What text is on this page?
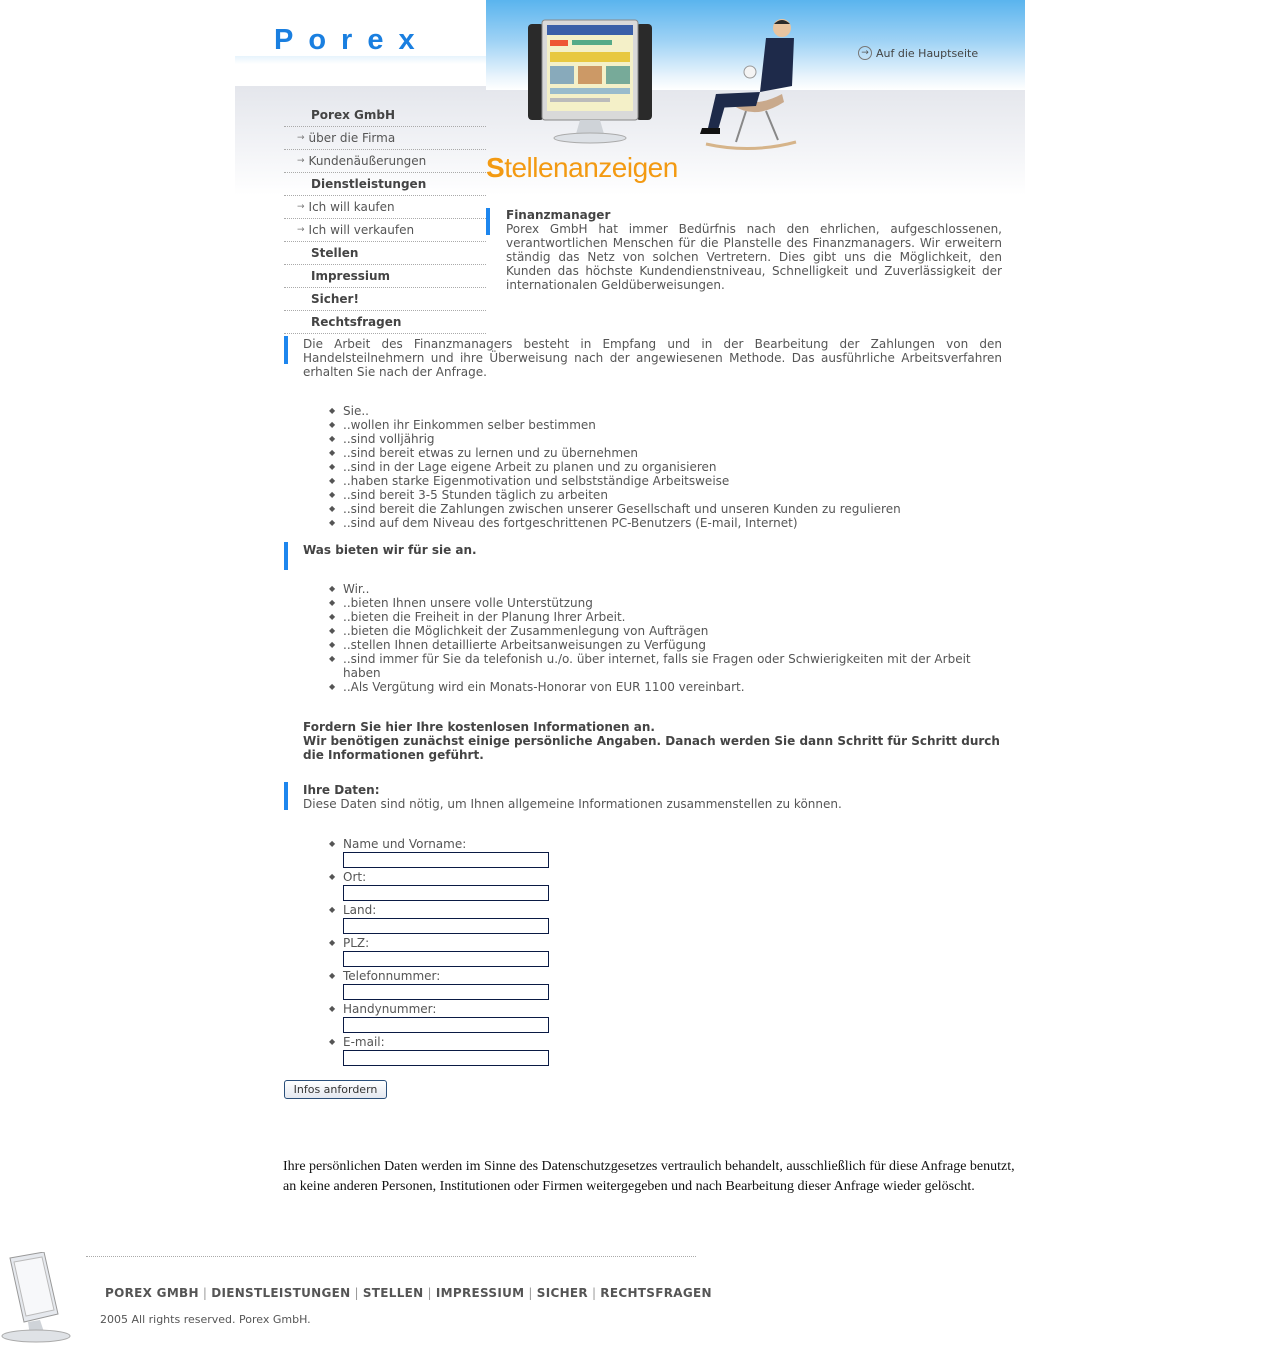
Porex	→ Auf die Hauptseite
Porex GmbH
→ über die Firma
→ Kundenäußerungen
Dienstleistungen
→ Ich will kaufen
→ Ich will verkaufen
Stellen
Impressium
Sicher!
Rechtsfragen
Stellenanzeigen
Finanzmanager
Porex GmbH hat immer Bedürfnis nach den ehrlichen, aufgeschlossenen, verantwortlichen Menschen für die Planstelle des Finanzmanagers. Wir erweitern ständig das Netz von solchen Vertretern. Dies gibt uns die Möglichkeit, den Kunden das höchste Kundendienstniveau, Schnelligkeit und Zuverlässigkeit der internationalen Geldüberweisungen.
Die Arbeit des Finanzmanagers besteht in Empfang und in der Bearbeitung der Zahlungen von den Handelsteilnehmern und ihre Überweisung nach der angewiesenen Methode. Das ausführliche Arbeitsverfahren erhalten Sie nach der Anfrage.
◆ Sie..
◆ ..wollen ihr Einkommen selber bestimmen
◆ ..sind volljährig
◆ ..sind bereit etwas zu lernen und zu übernehmen
◆ ..sind in der Lage eigene Arbeit zu planen und zu organisieren
◆ ..haben starke Eigenmotivation und selbstständige Arbeitsweise
◆ ..sind bereit 3-5 Stunden täglich zu arbeiten
◆ ..sind bereit die Zahlungen zwischen unserer Gesellschaft und unseren Kunden zu regulieren
◆ ..sind auf dem Niveau des fortgeschrittenen PC-Benutzers (E-mail, Internet)
Was bieten wir für sie an.
◆ Wir..
◆ ..bieten Ihnen unsere volle Unterstützung
◆ ..bieten die Freiheit in der Planung Ihrer Arbeit.
◆ ..bieten die Möglichkeit der Zusammenlegung von Aufträgen
◆ ..stellen Ihnen detaillierte Arbeitsanweisungen zu Verfügung
◆ ..sind immer für Sie da telefonish u./o. über internet, falls sie Fragen oder Schwierigkeiten mit der Arbeit haben
◆ ..Als Vergütung wird ein Monats-Honorar von EUR 1100 vereinbart.
Fordern Sie hier Ihre kostenlosen Informationen an.
Wir benötigen zunächst einige persönliche Angaben. Danach werden Sie dann Schritt für Schritt durch die Informationen geführt.
Ihre Daten:
Diese Daten sind nötig, um Ihnen allgemeine Informationen zusammenstellen zu können.
◆ Name und Vorname:
◆ Ort:
◆ Land:
◆ PLZ:
◆ Telefonnummer:
◆ Handynummer:
◆ E-mail:
Infos anfordern
Ihre persönlichen Daten werden im Sinne des Datenschutzgesetzes vertraulich behandelt, ausschließlich für diese Anfrage benutzt, an keine anderen Personen, Institutionen oder Firmen weitergegeben und nach Bearbeitung dieser Anfrage wieder gelöscht.
POREX GMBH | DIENSTLEISTUNGEN | STELLEN | IMPRESSIUM | SICHER | RECHTSFRAGEN
2005 All rights reserved. Porex GmbH.
